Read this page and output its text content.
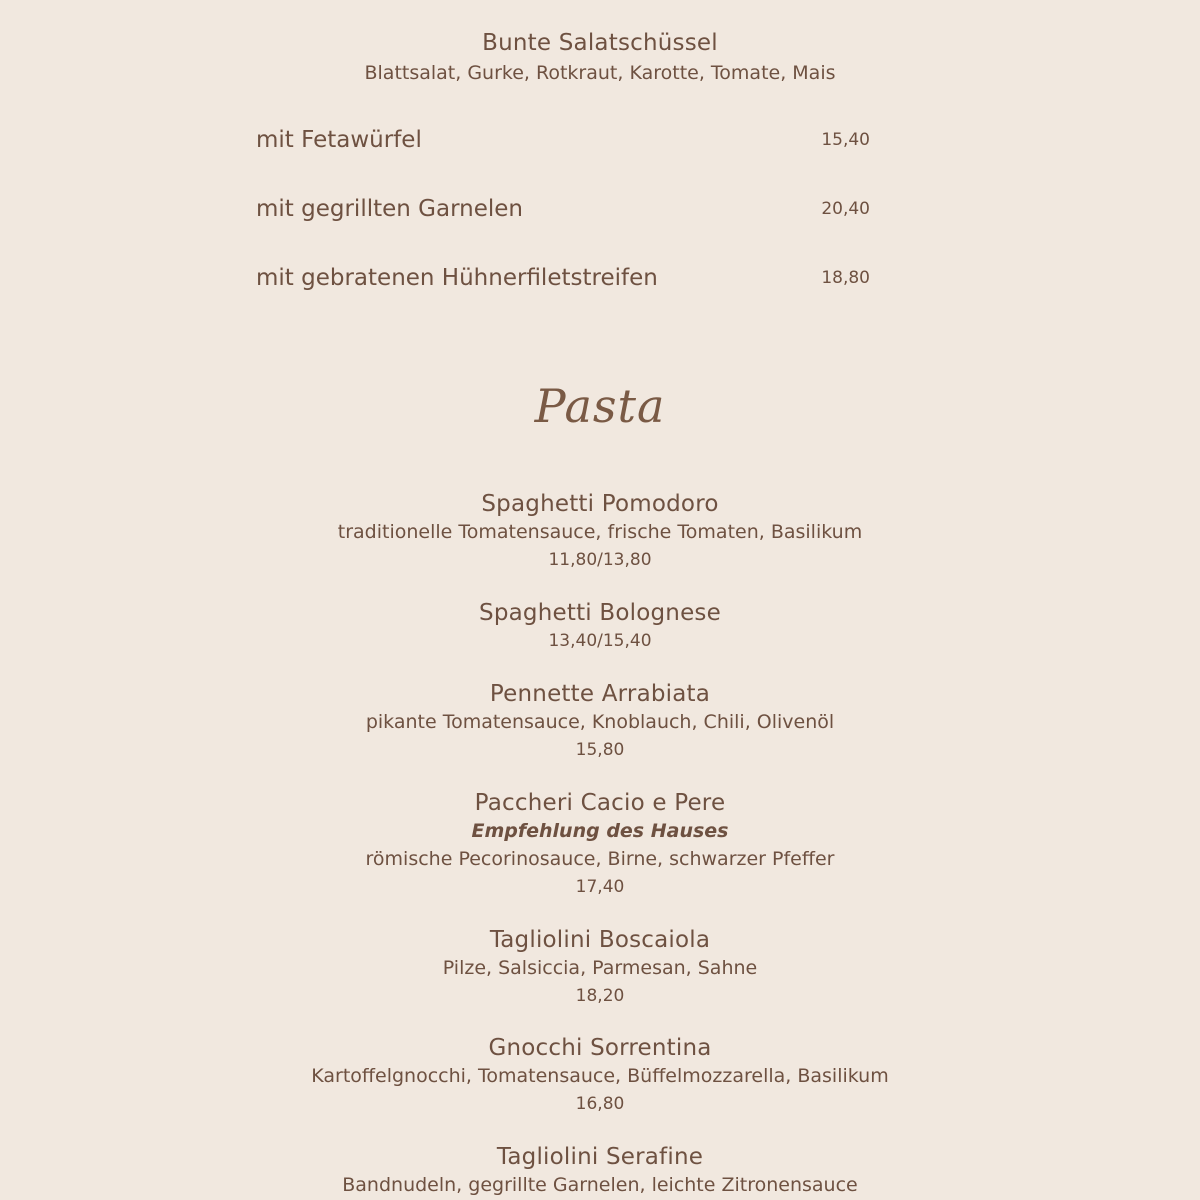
Bunte Salatschüssel
Blattsalat, Gurke, Rotkraut, Karotte, Tomate, Mais
mit Fetawürfel	15,40
mit gegrillten Garnelen	20,40
mit gebratenen Hühnerfiletstreifen	18,80
Pasta
Spaghetti Pomodoro
traditionelle Tomatensauce, frische Tomaten, Basilikum
11,80/13,80
Spaghetti Bolognese
13,40/15,40
Pennette Arrabiata
pikante Tomatensauce, Knoblauch, Chili, Olivenöl
15,80
Paccheri Cacio e Pere
Empfehlung des Hauses
römische Pecorinosauce, Birne, schwarzer Pfeffer
17,40
Tagliolini Boscaiola
Pilze, Salsiccia, Parmesan, Sahne
18,20
Gnocchi Sorrentina
Kartoffelgnocchi, Tomatensauce, Büffelmozzarella, Basilikum
16,80
Tagliolini Serafine
Bandnudeln, gegrillte Garnelen, leichte Zitronensauce
